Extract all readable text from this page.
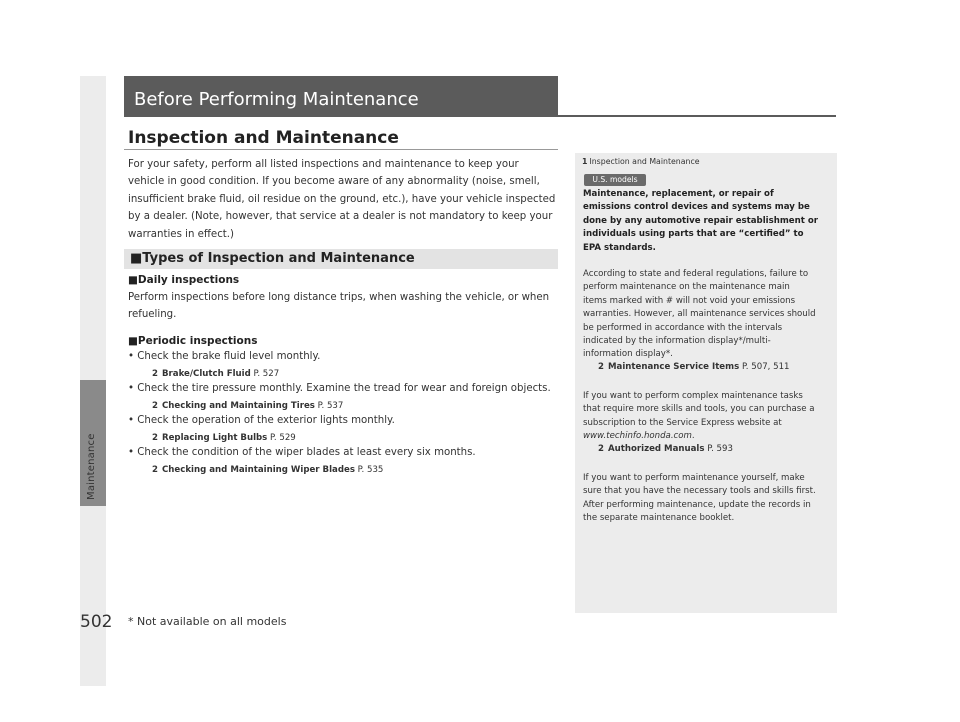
Maintenance
502 * Not available on all models
Before Performing Maintenance
Inspection and Maintenance
For your safety, perform all listed inspections and maintenance to keep your vehicle in good condition. If you become aware of any abnormality (noise, smell, insufficient brake fluid, oil residue on the ground, etc.), have your vehicle inspected by a dealer. (Note, however, that service at a dealer is not mandatory to keep your warranties in effect.)
■Types of Inspection and Maintenance
■Daily inspections
Perform inspections before long distance trips, when washing the vehicle, or when refueling.
■Periodic inspections
• Check the brake fluid level monthly.
2 Brake/Clutch Fluid P. 527
• Check the tire pressure monthly. Examine the tread for wear and foreign objects.
2 Checking and Maintaining Tires P. 537
• Check the operation of the exterior lights monthly.
2 Replacing Light Bulbs P. 529
• Check the condition of the wiper blades at least every six months.
2 Checking and Maintaining Wiper Blades P. 535
1 Inspection and Maintenance
U.S. models
Maintenance, replacement, or repair of
emissions control devices and systems may be
done by any automotive repair establishment or
individuals using parts that are “certified” to
EPA standards.
According to state and federal regulations, failure to
perform maintenance on the maintenance main
items marked with # will not void your emissions
warranties. However, all maintenance services should
be performed in accordance with the intervals
indicated by the information display*/multi-
information display*.
2 Maintenance Service Items P. 507, 511
If you want to perform complex maintenance tasks
that require more skills and tools, you can purchase a
subscription to the Service Express website at
www.techinfo.honda.com.
2 Authorized Manuals P. 593
If you want to perform maintenance yourself, make
sure that you have the necessary tools and skills first.
After performing maintenance, update the records in
the separate maintenance booklet.
